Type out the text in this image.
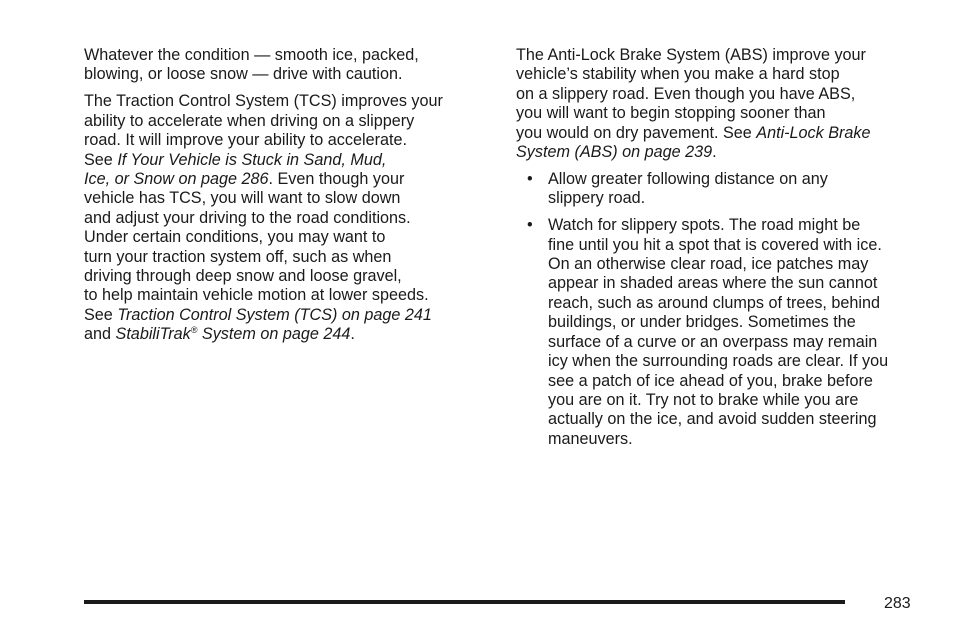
Whatever the condition — smooth ice, packed,
blowing, or loose snow — drive with caution.

The Traction Control System (TCS) improves your
ability to accelerate when driving on a slippery
road. It will improve your ability to accelerate.
See If Your Vehicle is Stuck in Sand, Mud,
Ice, or Snow on page 286. Even though your
vehicle has TCS, you will want to slow down
and adjust your driving to the road conditions.
Under certain conditions, you may want to
turn your traction system off, such as when
driving through deep snow and loose gravel,
to help maintain vehicle motion at lower speeds.
See Traction Control System (TCS) on page 241
and StabiliTrak® System on page 244.

The Anti-Lock Brake System (ABS) improve your
vehicle’s stability when you make a hard stop
on a slippery road. Even though you have ABS,
you will want to begin stopping sooner than
you would on dry pavement. See Anti-Lock Brake
System (ABS) on page 239.

• Allow greater following distance on any
slippery road.
• Watch for slippery spots. The road might be
fine until you hit a spot that is covered with ice.
On an otherwise clear road, ice patches may
appear in shaded areas where the sun cannot
reach, such as around clumps of trees, behind
buildings, or under bridges. Sometimes the
surface of a curve or an overpass may remain
icy when the surrounding roads are clear. If you
see a patch of ice ahead of you, brake before
you are on it. Try not to brake while you are
actually on the ice, and avoid sudden steering
maneuvers.
283
